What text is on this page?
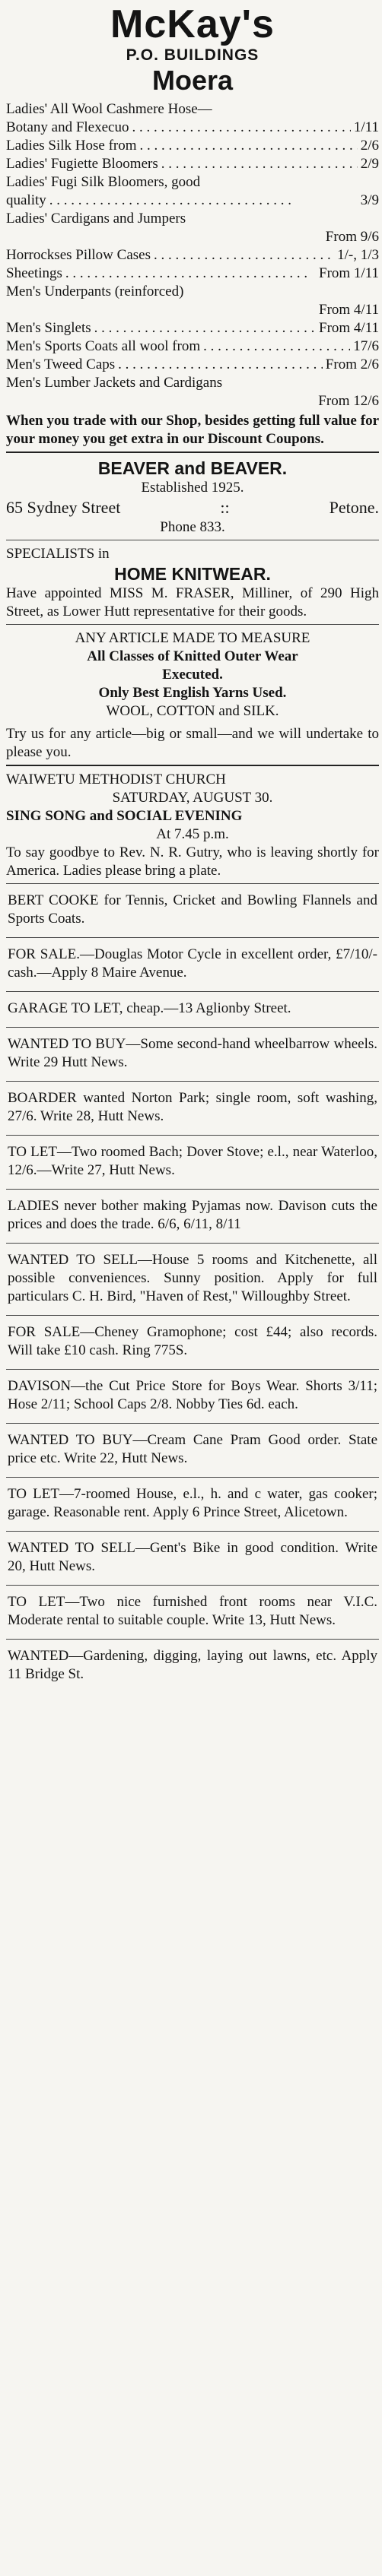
McKay's
P.O. BUILDINGS
Moera
Ladies' All Wool Cashmere Hose—
Botany and Flexecuo . . .	1/11
Ladies Silk Hose from . . .	2/6
Ladies' Fugiette Bloomers . . .	2/9
Ladies' Fugi Silk Bloomers, good
quality . . .	3/9
Ladies' Cardigans and Jumpers
From 9/6
Horrockses Pillow Cases . . .	1/-, 1/3
Sheetings . . .	From 1/11
Men's Underpants (reinforced)
From 4/11
Men's Singlets . . .	From 4/11
Men's Sports Coats all wool from . . .	17/6
Men's Tweed Caps . . .	From 2/6
Men's Lumber Jackets and Cardigans
From 12/6
When you trade with our Shop, besides getting full value for your money you get extra in our Discount Coupons.
BEAVER and BEAVER.
Established 1925.
65 Sydney Street	::	Petone.
Phone 833.
SPECIALISTS in
HOME KNITWEAR.
Have appointed MISS M. FRASER, Milliner, of 290 High Street, as Lower Hutt representative for their goods.
ANY ARTICLE MADE TO MEASURE
All Classes of Knitted Outer Wear
Executed.
Only Best English Yarns Used.
WOOL, COTTON and SILK.
Try us for any article—big or small—and we will undertake to please you.
WAIWETU METHODIST CHURCH
SATURDAY, AUGUST 30.
SING SONG and SOCIAL EVENING
At 7.45 p.m.
To say goodbye to Rev. N. R. Gutry, who is leaving shortly for America. Ladies please bring a plate.
BERT COOKE for Tennis, Cricket and Bowling Flannels and Sports Coats.
FOR SALE.—Douglas Motor Cycle in excellent order, £7/10/- cash.—Apply 8 Maire Avenue.
GARAGE TO LET, cheap.—13 Aglionby Street.
WANTED TO BUY—Some second-hand wheelbarrow wheels. Write 29 Hutt News.
BOARDER wanted Norton Park; single room, soft washing, 27/6. Write 28, Hutt News.
TO LET—Two roomed Bach; Dover Stove; e.l., near Waterloo, 12/6.—Write 27, Hutt News.
LADIES never bother making Pyjamas now. Davison cuts the prices and does the trade. 6/6, 6/11, 8/11
WANTED TO SELL—House 5 rooms and Kitchenette, all possible conveniences. Sunny position. Apply for full particulars C. H. Bird, "Haven of Rest," Willoughby Street.
FOR SALE—Cheney Gramophone; cost £44; also records. Will take £10 cash. Ring 775S.
DAVISON—the Cut Price Store for Boys Wear. Shorts 3/11; Hose 2/11; School Caps 2/8. Nobby Ties 6d. each.
WANTED TO BUY—Cream Cane Pram Good order. State price etc. Write 22, Hutt News.
TO LET—7-roomed House, e.l., h. and c water, gas cooker; garage. Reasonable rent. Apply 6 Prince Street, Alicetown.
WANTED TO SELL—Gent's Bike in good condition. Write 20, Hutt News.
TO LET—Two nice furnished front rooms near V.I.C. Moderate rental to suitable couple. Write 13, Hutt News.
WANTED—Gardening, digging, laying out lawns, etc. Apply 11 Bridge St.
